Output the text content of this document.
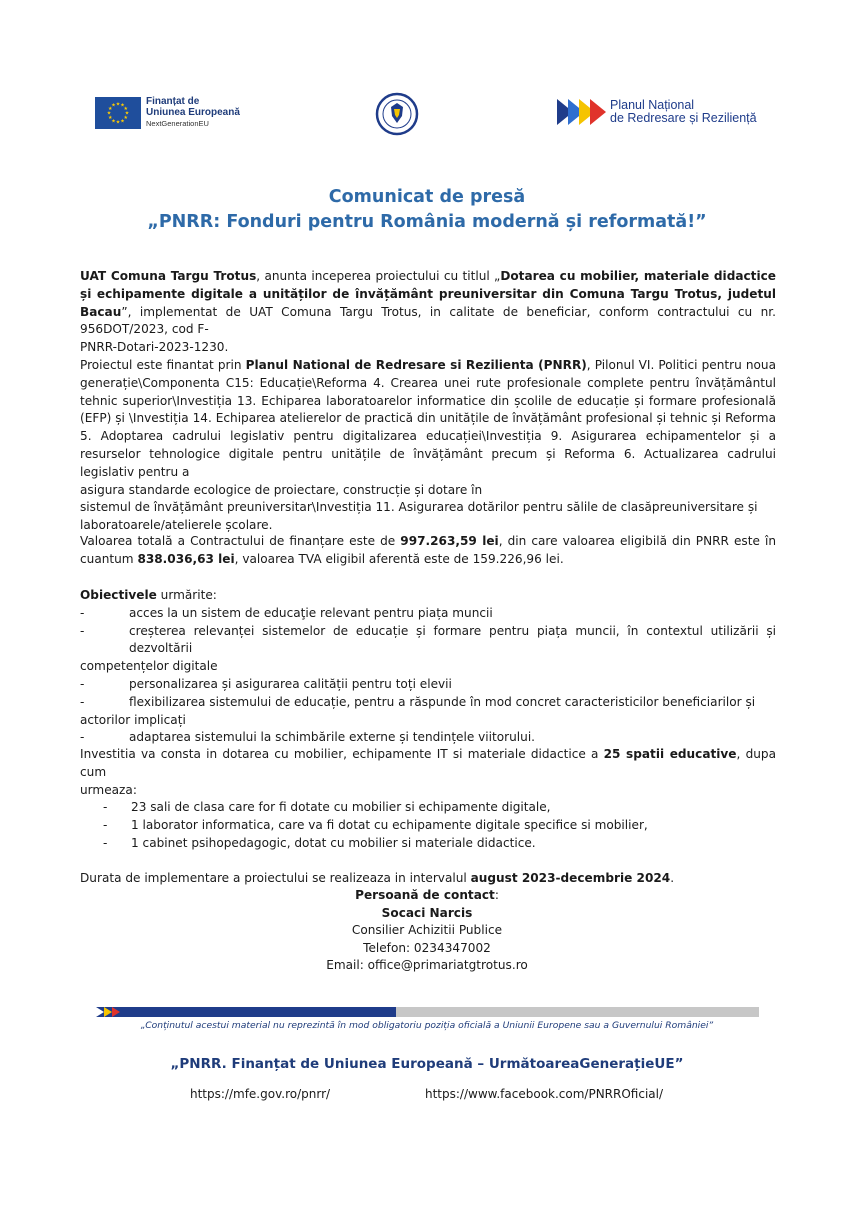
★ ★
★
★
★
★
★
★
★
★
★
★	Finanțat de
Uniunea Europeană
NextGenerationEU
Planul Național
de Redresare și Reziliență
Comunicat de presă
„PNRR: Fonduri pentru România modernă și reformată!”
UAT Comuna Targu Trotus, anunta inceperea proiectului cu titlul „Dotarea cu mobilier, materiale didactice și echipamente digitale a unităților de învățământ preuniversitar din Comuna Targu Trotus, judetul Bacau”, implementat de UAT Comuna Targu Trotus, in calitate de beneficiar, conform contractului cu nr. 956DOT/2023, cod F-
PNRR-Dotari-2023-1230.
Proiectul este finantat prin Planul National de Redresare si Rezilienta (PNRR), Pilonul VI. Politici pentru noua generație\Componenta C15: Educație\Reforma 4. Crearea unei rute profesionale complete pentru învățământul tehnic superior\Investiția 13. Echiparea laboratoarelor informatice din școlile de educație și formare profesională (EFP) și \Investiția 14. Echiparea atelierelor de practică din unitățile de învățământ profesional și tehnic și Reforma 5. Adoptarea cadrului legislativ pentru digitalizarea educației\Investiția 9. Asigurarea echipamentelor și a resurselor tehnologice digitale pentru unitățile de învățământ precum și Reforma 6. Actualizarea cadrului legislativ pentru a
asigura standarde ecologice de proiectare, construcție și dotare în
sistemul de învățământ preuniversitar\Investiția 11. Asigurarea dotărilor pentru sălile de clasăpreuniversitare și
laboratoarele/atelierele școlare.
Valoarea totală a Contractului de finanțare este de 997.263,59 lei, din care valoarea eligibilă din PNRR este în cuantum 838.036,63 lei, valoarea TVA eligibil aferentă este de 159.226,96 lei.
Obiectivele urmărite:
-	acces la un sistem de educaţie relevant pentru piața muncii
-	creșterea relevanței sistemelor de educație și formare pentru piața muncii, în contextul utilizării și dezvoltării
competențelor digitale
-	personalizarea și asigurarea calității pentru toți elevii
-	flexibilizarea sistemului de educație, pentru a răspunde în mod concret caracteristicilor beneficiarilor și
actorilor implicați
-	adaptarea sistemului la schimbările externe și tendințele viitorului.
Investitia va consta in dotarea cu mobilier, echipamente IT si materiale didactice a 25 spatii educative, dupa cum
urmeaza:
-	23 sali de clasa care for fi dotate cu mobilier si echipamente digitale,
-	1 laborator informatica, care va fi dotat cu echipamente digitale specifice si mobilier,
-	1 cabinet psihopedagogic, dotat cu mobilier si materiale didactice.
Durata de implementare a proiectului se realizeaza in intervalul august 2023-decembrie 2024.
Persoană de contact:
Socaci Narcis
Consilier Achizitii Publice
Telefon: 0234347002
Email: office@primariatgtrotus.ro
„Conținutul acestui material nu reprezintă în mod obligatoriu poziția oficială a Uniunii Europene sau a Guvernului României”
„PNRR. Finanțat de Uniunea Europeană – UrmătoareaGenerațieUE”
https://mfe.gov.ro/pnrr/	https://www.facebook.com/PNRROficial/
